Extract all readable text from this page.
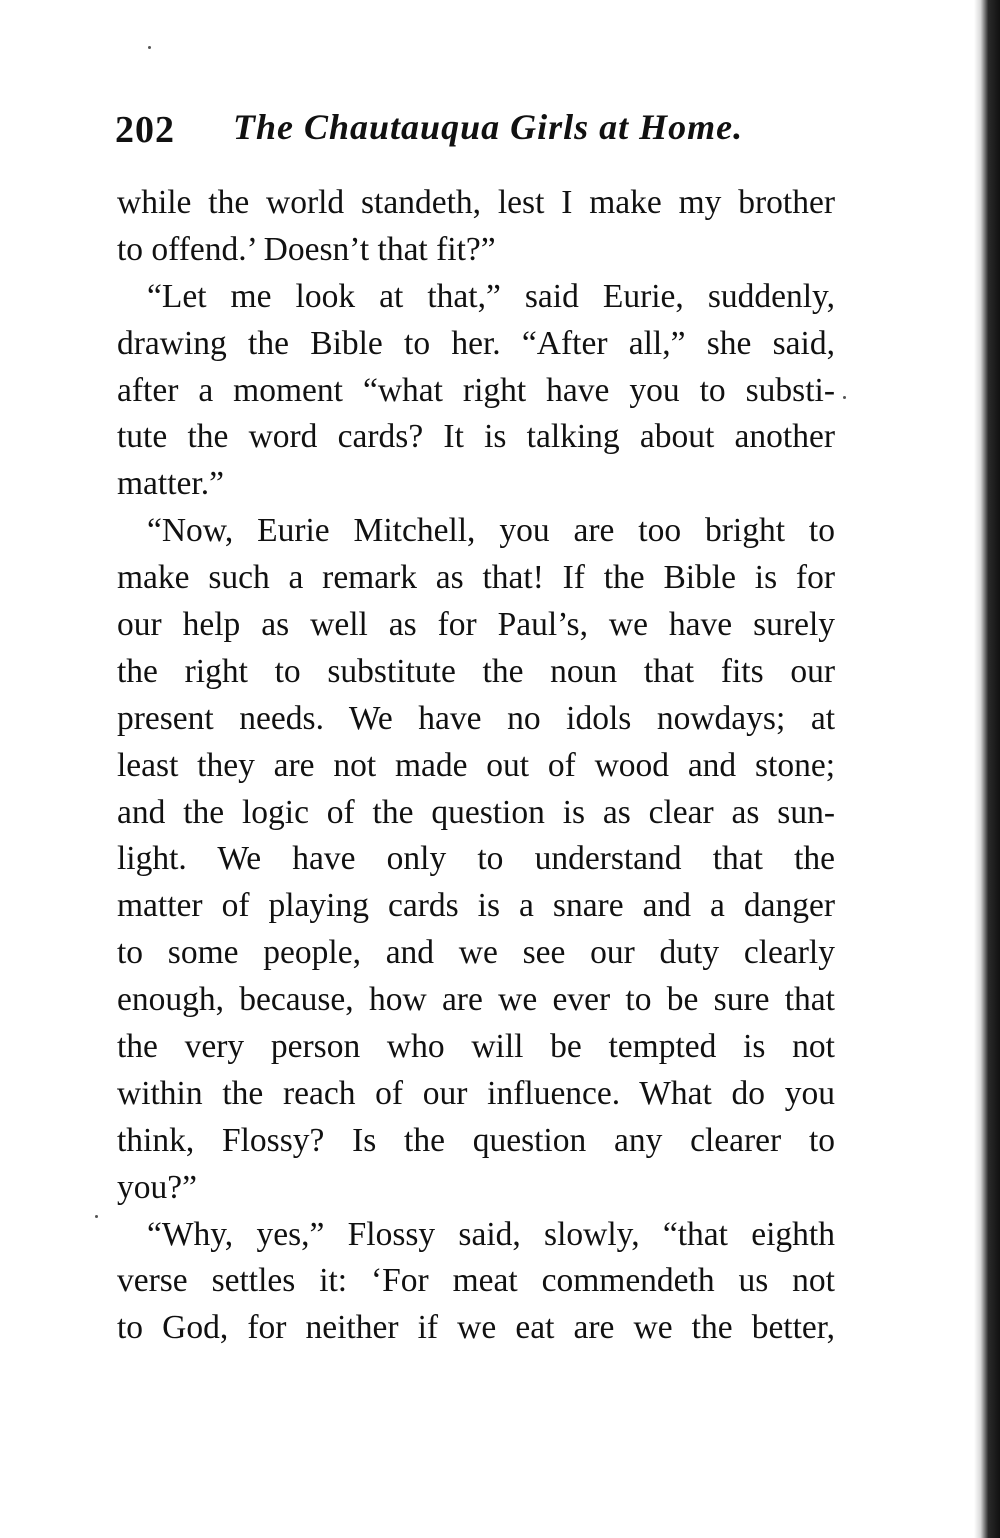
202 The Chautauqua Girls at Home.
while the world standeth, lest I make my brother
to offend.’ Doesn’t that fit?”
“Let me look at that,” said Eurie, suddenly,
drawing the Bible to her. “After all,” she said,
after a moment “what right have you to substi-
tute the word cards? It is talking about another
matter.”
“Now, Eurie Mitchell, you are too bright to
make such a remark as that! If the Bible is for
our help as well as for Paul’s, we have surely
the right to substitute the noun that fits our
present needs. We have no idols nowdays; at
least they are not made out of wood and stone;
and the logic of the question is as clear as sun-
light. We have only to understand that the
matter of playing cards is a snare and a danger
to some people, and we see our duty clearly
enough, because, how are we ever to be sure that
the very person who will be tempted is not
within the reach of our influence. What do you
think, Flossy? Is the question any clearer to
you?”
“Why, yes,” Flossy said, slowly, “that eighth
verse settles it: ‘For meat commendeth us not
to God, for neither if we eat are we the better,
